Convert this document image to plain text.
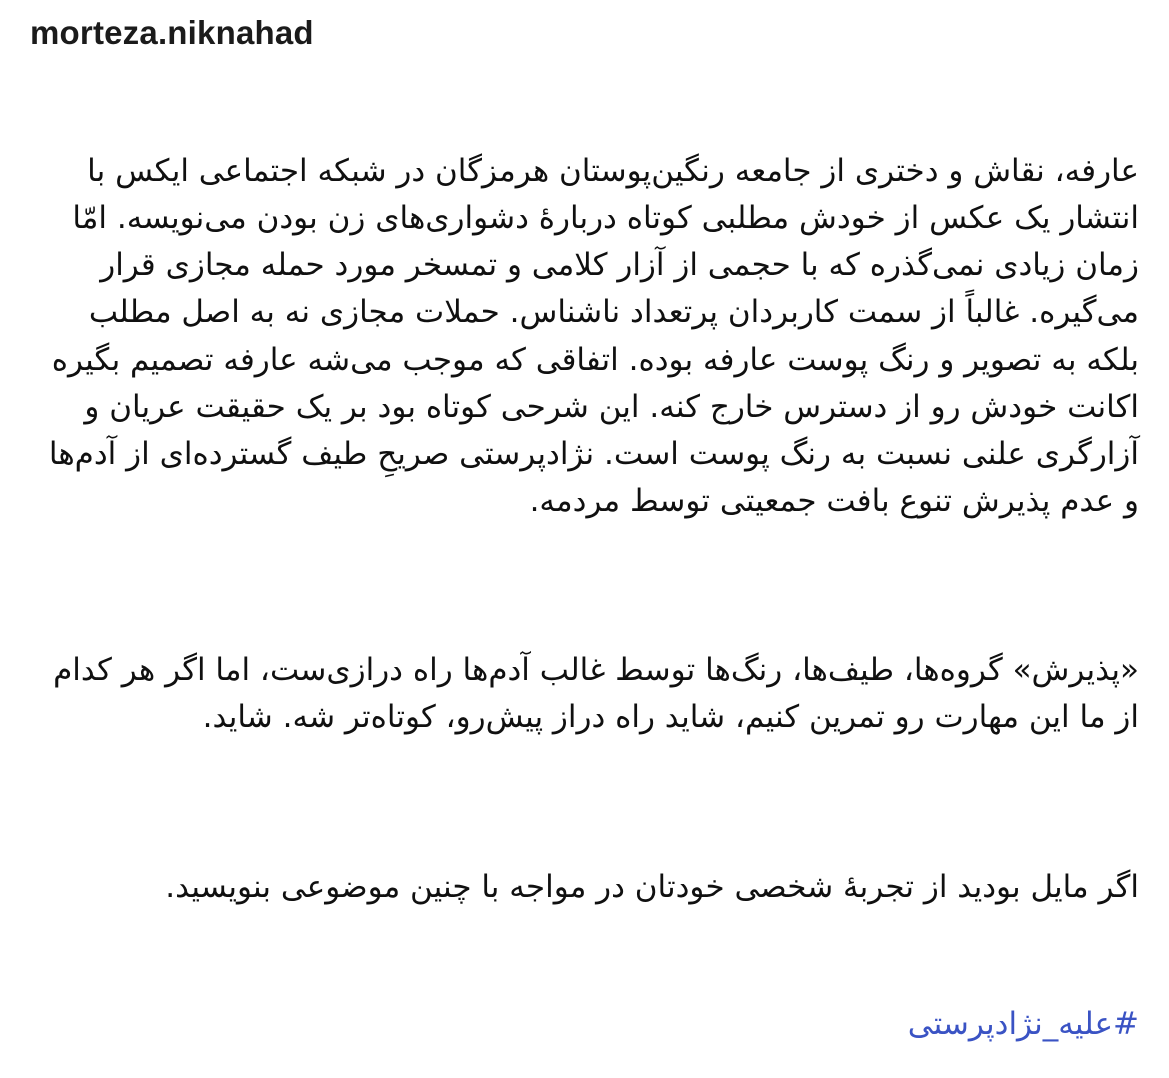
morteza.niknahad

عارفه، نقاش و دختری از جامعه رنگین‌پوستان هرمزگان در شبکه اجتماعی ایکس با انتشار یک عکس از خودش مطلبی کوتاه دربارۀ دشواری‌های زن بودن می‌نویسه. امّا زمان زیادی نمی‌گذره که با حجمی از آزار کلامی و تمسخر مورد حمله مجازی قرار می‌گیره. غالباً از سمت کاربردان پرتعداد ناشناس. حملات مجازی نه به اصل مطلب بلکه به تصویر و رنگ پوست عارفه بوده. اتفاقی که موجب می‌شه عارفه تصمیم بگیره اکانت خودش رو از دسترس خارج کنه. این شرحی کوتاه بود بر یک حقیقت عریان و آزارگری علنی نسبت به رنگ پوست است. نژادپرستی صریحِ طیف گسترده‌ای از آدم‌ها و عدم پذیرش تنوع بافت جمعیتی توسط مردمه.

«پذیرش» گروه‌ها، طیف‌ها، رنگ‌ها توسط غالب آدم‌ها راه درازی‌ست، اما اگر هر کدام از ما این مهارت رو تمرین کنیم، شاید راه دراز پیش‌رو، کوتاه‌تر شه. شاید.

اگر مایل بودید از تجربۀ شخصی خودتان در مواجه با چنین موضوعی بنویسید.

#علیه_نژادپرستی
